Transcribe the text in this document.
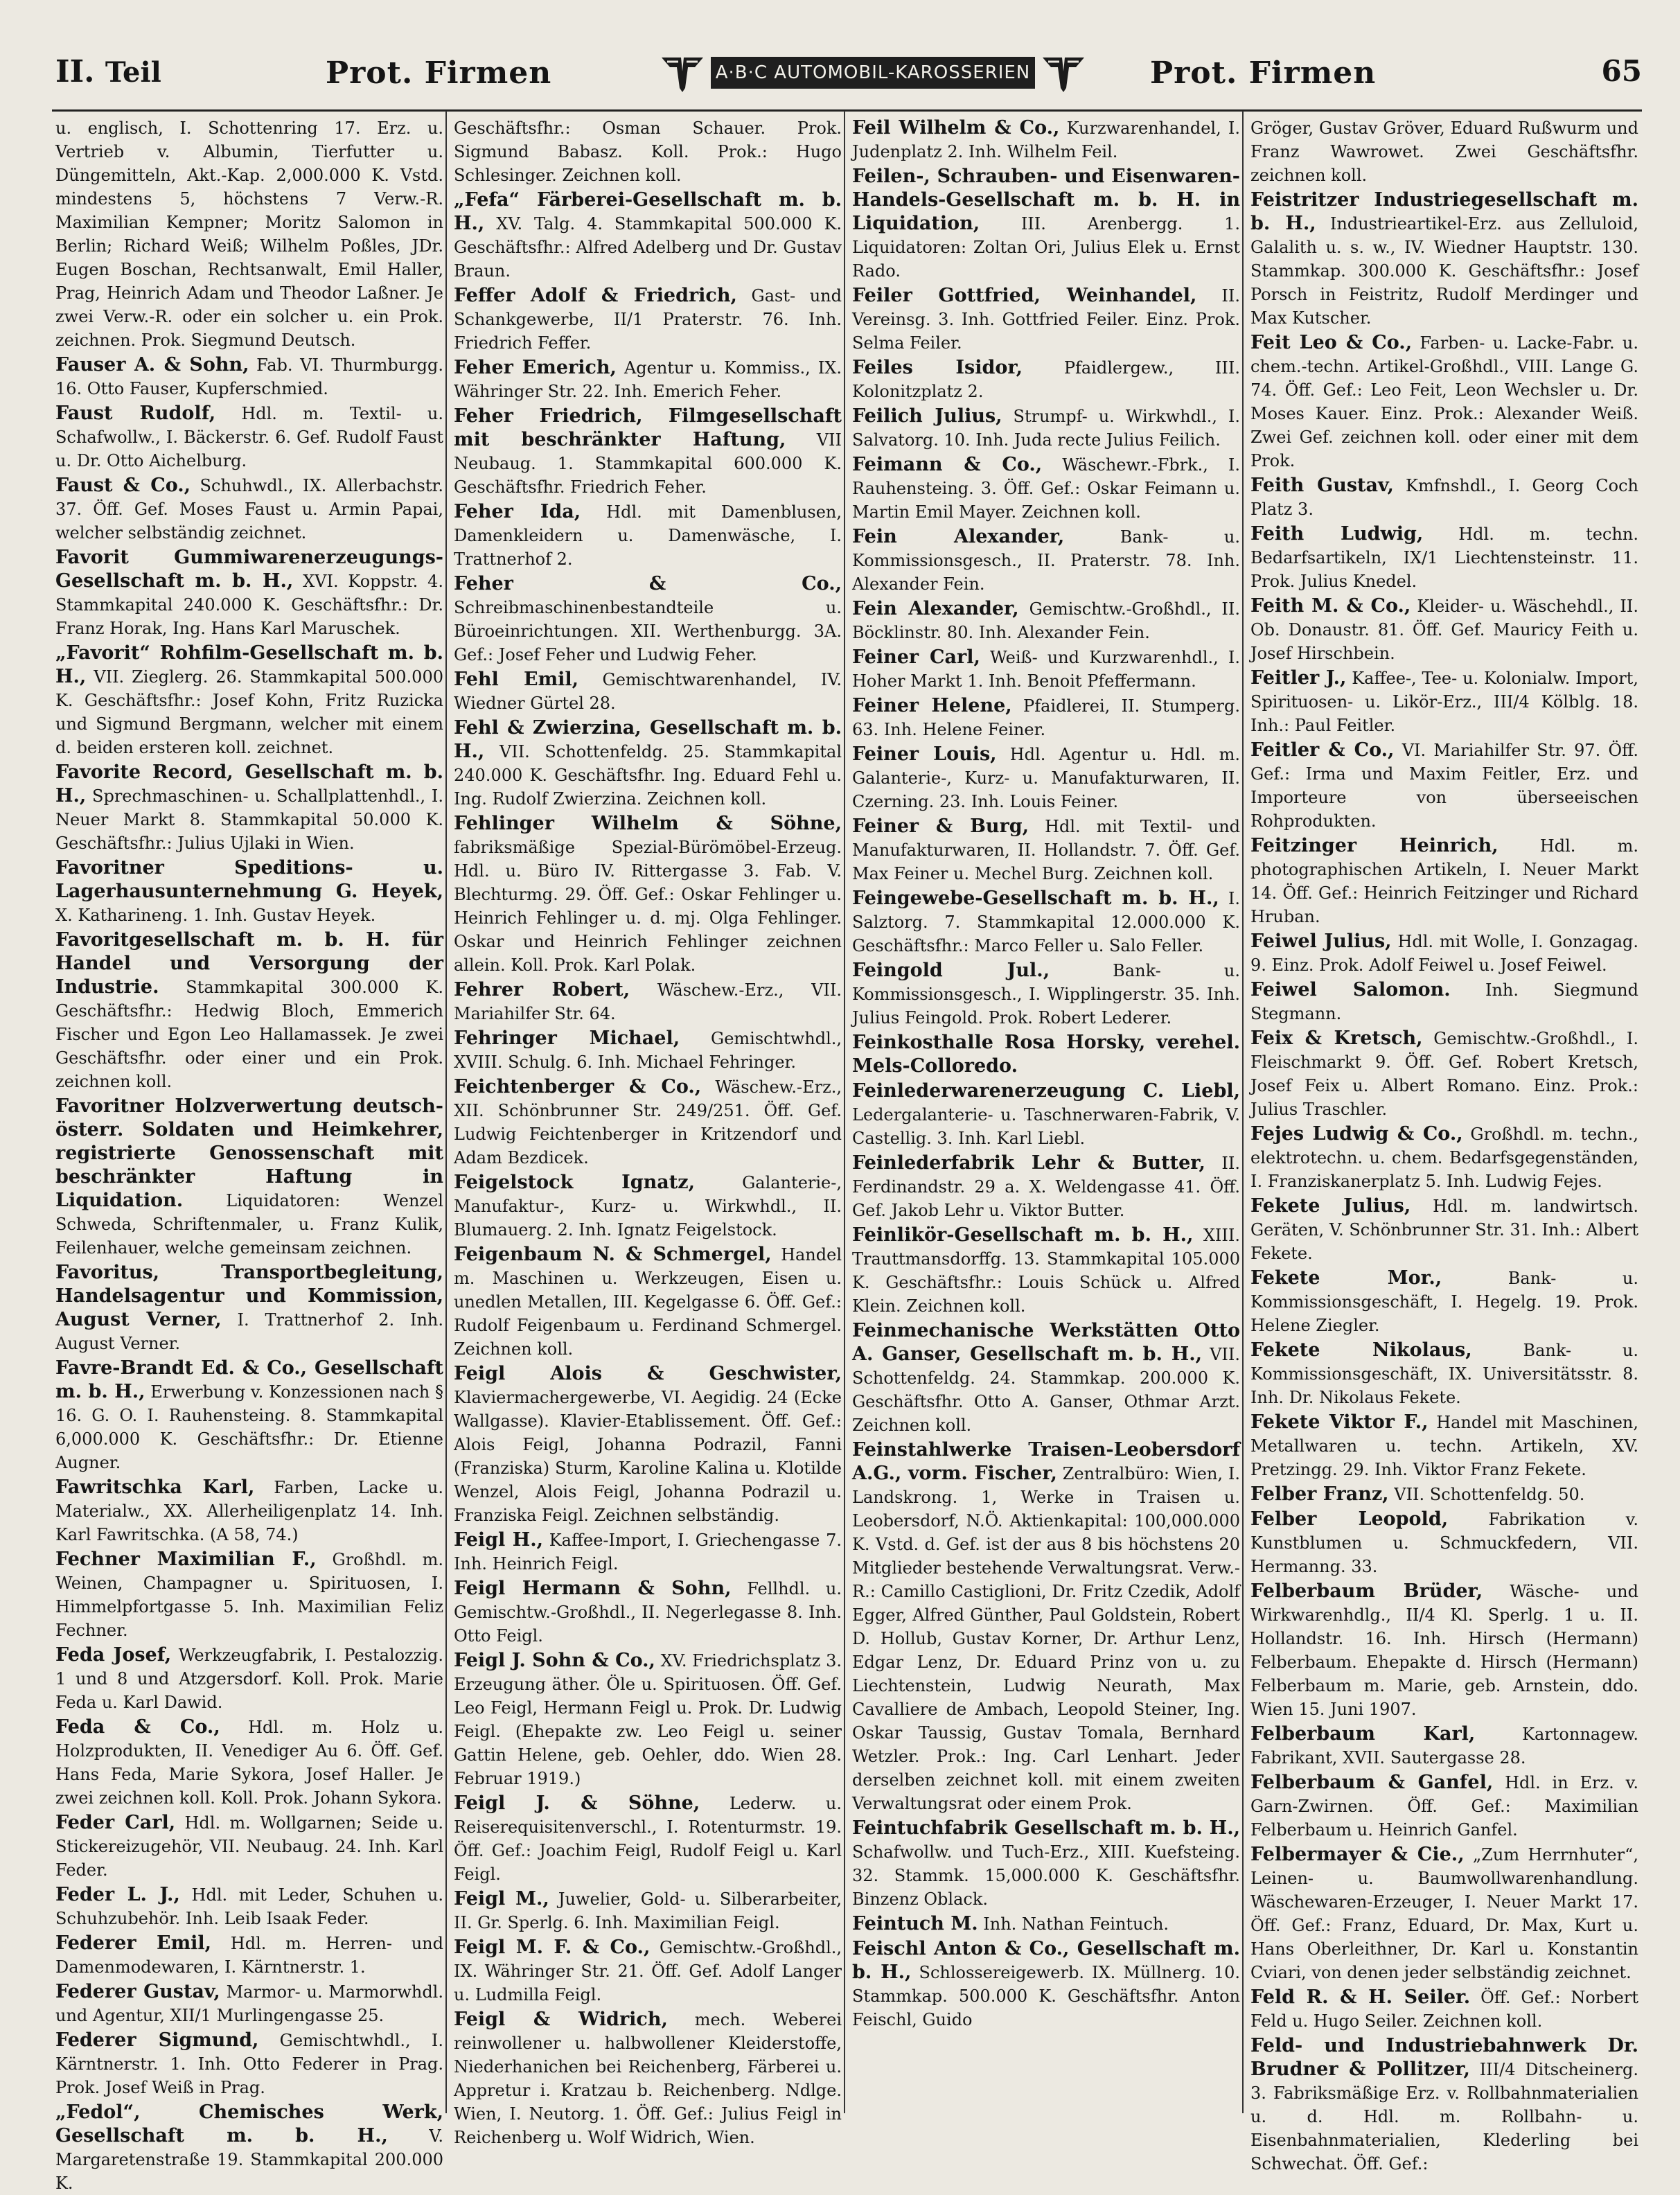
II. Teil	Prot. Firmen	A·B·C AUTOMOBIL-KAROSSERIEN	Prot. Firmen	65

u. englisch, I. Schottenring 17. Erz. u. Vertrieb v. Albumin, Tierfutter u. Düngemitteln, Akt.-Kap. 2,000.000 K. Vstd. mindestens 5, höchstens 7 Verw.-R. Maximilian Kempner; Moritz Salomon in Berlin; Richard Weiß; Wilhelm Poßles, JDr. Eugen Boschan, Rechtsanwalt, Emil Haller, Prag, Heinrich Adam und Theodor Laßner. Je zwei Verw.-R. oder ein solcher u. ein Prok. zeichnen. Prok. Siegmund Deutsch.

Fauser A. & Sohn, Fab. VI. Thurmburgg. 16. Otto Fauser, Kupferschmied.

Faust Rudolf, Hdl. m. Textil- u. Schafwollw., I. Bäckerstr. 6. Gef. Rudolf Faust u. Dr. Otto Aichelburg.

Faust & Co., Schuhwdl., IX. Allerbachstr. 37. Öff. Gef. Moses Faust u. Armin Papai, welcher selbständig zeichnet.

Favorit Gummiwarenerzeugungs-Gesellschaft m. b. H., XVI. Koppstr. 4. Stammkapital 240.000 K. Geschäftsfhr.: Dr. Franz Horak, Ing. Hans Karl Maruschek.

„Favorit“ Rohfilm-Gesellschaft m. b. H., VII. Zieglerg. 26. Stammkapital 500.000 K. Geschäftsfhr.: Josef Kohn, Fritz Ruzicka und Sigmund Bergmann, welcher mit einem d. beiden ersteren koll. zeichnet.

Favorite Record, Gesellschaft m. b. H., Sprechmaschinen- u. Schallplattenhdl., I. Neuer Markt 8. Stammkapital 50.000 K. Geschäftsfhr.: Julius Ujlaki in Wien.

Favoritner Speditions- u. Lagerhausunternehmung G. Heyek, X. Katharineng. 1. Inh. Gustav Heyek.

Favoritgesellschaft m. b. H. für Handel und Versorgung der Industrie. Stammkapital 300.000 K. Geschäftsfhr.: Hedwig Bloch, Emmerich Fischer und Egon Leo Hallamassek. Je zwei Geschäftsfhr. oder einer und ein Prok. zeichnen koll.

Favoritner Holzverwertung deutsch-österr. Soldaten und Heimkehrer, registrierte Genossenschaft mit beschränkter Haftung in Liquidation.	Liquidatoren: Wenzel Schweda, Schriftenmaler, u. Franz Kulik, Feilenhauer, welche gemeinsam zeichnen.

Favoritus, Transportbegleitung, Handelsagentur und Kommission, August Verner, I. Trattnerhof 2. Inh. August Verner.

Favre-Brandt Ed. & Co., Gesellschaft m. b. H., Erwerbung v. Konzessionen nach § 16. G. O. I. Rauhensteing. 8. Stammkapital 6,000.000 K. Geschäftsfhr.: Dr. Etienne Augner.

Fawritschka Karl, Farben, Lacke u. Materialw., XX. Allerheiligenplatz 14. Inh. Karl Fawritschka. (A 58, 74.)

Fechner Maximilian F., Großhdl. m. Weinen, Champagner u. Spirituosen, I. Himmelpfortgasse 5. Inh. Maximilian Feliz Fechner.

Feda Josef, Werkzeugfabrik, I. Pestalozzig. 1 und 8 und Atzgersdorf. Koll. Prok. Marie Feda u. Karl Dawid.

Feda & Co., Hdl. m. Holz u. Holzprodukten, II. Venediger Au 6. Öff. Gef. Hans Feda, Marie Sykora, Josef Haller. Je zwei zeichnen koll. Koll. Prok. Johann Sykora.

Feder Carl, Hdl. m. Wollgarnen; Seide u. Stickereizugehör, VII. Neubaug. 24. Inh. Karl Feder.

Feder L. J., Hdl. mit Leder, Schuhen u. Schuhzubehör. Inh. Leib Isaak Feder.

Federer Emil, Hdl. m. Herren- und Damenmodewaren, I. Kärntnerstr. 1.

Federer Gustav, Marmor- u. Marmorwhdl. und Agentur, XII/1 Murlingengasse 25.

Federer Sigmund, Gemischtwhdl., I. Kärntnerstr. 1. Inh. Otto Federer in Prag. Prok. Josef Weiß in Prag.

„Fedol“, Chemisches Werk, Gesellschaft m. b. H., V. Margaretenstraße 19. Stammkapital 200.000 K.

Geschäftsfhr.: Osman Schauer. Prok. Sigmund Babasz. Koll. Prok.: Hugo Schlesinger. Zeichnen koll.

„Fefa“ Färberei-Gesellschaft m. b. H., XV. Talg. 4. Stammkapital 500.000 K. Geschäftsfhr.: Alfred Adelberg und Dr. Gustav Braun.

Feffer Adolf & Friedrich, Gast- und Schankgewerbe, II/1 Praterstr. 76. Inh. Friedrich Feffer.

Feher Emerich, Agentur u. Kommiss., IX. Währinger Str. 22. Inh. Emerich Feher.

Feher Friedrich, Filmgesellschaft mit beschränkter Haftung, VII Neubaug. 1. Stammkapital 600.000 K. Geschäftsfhr. Friedrich Feher.

Feher Ida, Hdl. mit Damenblusen, Damenkleidern u. Damenwäsche, I. Trattnerhof 2.

Feher & Co., Schreibmaschinenbestandteile u. Büroeinrichtungen. XII. Werthenburgg. 3A. Gef.: Josef Feher und Ludwig Feher.

Fehl Emil, Gemischtwarenhandel, IV. Wiedner Gürtel 28.

Fehl & Zwierzina, Gesellschaft m. b. H., VII. Schottenfeldg. 25. Stammkapital 240.000 K. Geschäftsfhr. Ing. Eduard Fehl u. Ing. Rudolf Zwierzina. Zeichnen koll.

Fehlinger Wilhelm & Söhne, fabriksmäßige Spezial-Bürömöbel-Erzeug. Hdl. u. Büro IV. Rittergasse 3. Fab. V. Blechturmg. 29. Öff. Gef.: Oskar Fehlinger u. Heinrich Fehlinger u. d. mj. Olga Fehlinger. Oskar und Heinrich Fehlinger zeichnen allein. Koll. Prok. Karl Polak.

Fehrer Robert, Wäschew.-Erz., VII. Mariahilfer Str. 64.

Fehringer Michael, Gemischtwhdl., XVIII. Schulg. 6. Inh. Michael Fehringer.

Feichtenberger & Co., Wäschew.-Erz., XII. Schönbrunner Str. 249/251. Öff. Gef. Ludwig Feichtenberger in Kritzendorf und Adam Bezdicek.

Feigelstock Ignatz,	Galanterie-, Manufaktur-, Kurz- u. Wirkwhdl., II. Blumauerg. 2. Inh. Ignatz Feigelstock.

Feigenbaum N. & Schmergel, Handel m. Maschinen u. Werkzeugen, Eisen u. unedlen Metallen, III. Kegelgasse 6. Öff. Gef.: Rudolf Feigenbaum u. Ferdinand Schmergel. Zeichnen koll.

Feigl Alois & Geschwister, Klaviermachergewerbe, VI. Aegidig. 24 (Ecke Wallgasse). Klavier-Etablissement. Öff. Gef.: Alois Feigl, Johanna Podrazil, Fanni (Franziska) Sturm, Karoline Kalina u. Klotilde Wenzel, Alois Feigl, Johanna Podrazil u. Franziska Feigl. Zeichnen selbständig.

Feigl H., Kaffee-Import, I. Griechengasse 7. Inh. Heinrich Feigl.

Feigl Hermann & Sohn, Fellhdl. u. Gemischtw.-Großhdl., II. Negerlegasse 8. Inh. Otto Feigl.

Feigl J. Sohn & Co., XV. Friedrichsplatz 3. Erzeugung äther. Öle u. Spirituosen. Öff. Gef. Leo Feigl, Hermann Feigl u. Prok. Dr. Ludwig Feigl. (Ehepakte zw. Leo Feigl u. seiner Gattin Helene, geb. Oehler, ddo. Wien 28. Februar 1919.)

Feigl J. & Söhne, Lederw. u. Reiserequisitenverschl., I. Rotenturmstr. 19. Öff. Gef.: Joachim Feigl, Rudolf Feigl u. Karl Feigl.

Feigl M., Juwelier, Gold- u. Silberarbeiter, II. Gr. Sperlg. 6. Inh. Maximilian Feigl.

Feigl M. F. & Co., Gemischtw.-Großhdl., IX. Währinger Str. 21. Öff. Gef. Adolf Langer u. Ludmilla Feigl.

Feigl & Widrich, mech. Weberei reinwollener u. halbwollener Kleiderstoffe, Niederhanichen bei Reichenberg, Färberei u. Appretur i. Kratzau b. Reichenberg. Ndlge. Wien, I. Neutorg. 1. Öff. Gef.: Julius Feigl in Reichenberg u. Wolf Widrich, Wien.

Feil Wilhelm & Co., Kurzwarenhandel, I. Judenplatz 2. Inh. Wilhelm Feil.

Feilen-, Schrauben- und Eisenwaren-Handels-Gesellschaft m. b. H. in Liquidation, III. Arenbergg. 1. Liquidatoren: Zoltan Ori, Julius Elek u. Ernst Rado.

Feiler Gottfried, Weinhandel, II. Vereinsg. 3. Inh. Gottfried Feiler. Einz. Prok. Selma Feiler.

Feiles Isidor, Pfaidlergew., III. Kolonitzplatz 2.

Feilich Julius, Strumpf- u. Wirkwhdl., I. Salvatorg. 10. Inh. Juda recte Julius Feilich.

Feimann & Co., Wäschewr.-Fbrk., I. Rauhensteing. 3. Öff. Gef.: Oskar Feimann u. Martin Emil Mayer. Zeichnen koll.

Fein Alexander,	Bank- u. Kommissionsgesch., II. Praterstr. 78. Inh. Alexander Fein.

Fein Alexander, Gemischtw.-Großhdl., II. Böcklinstr. 80. Inh. Alexander Fein.

Feiner Carl, Weiß- und Kurzwarenhdl., I. Hoher Markt 1. Inh. Benoit Pfeffermann.

Feiner Helene, Pfaidlerei, II. Stumperg. 63. Inh. Helene Feiner.

Feiner Louis, Hdl. Agentur u. Hdl. m. Galanterie-, Kurz- u. Manufakturwaren, II. Czerning. 23. Inh. Louis Feiner.

Feiner & Burg, Hdl. mit Textil- und Manufakturwaren, II. Hollandstr. 7. Öff. Gef. Max Feiner u. Mechel Burg. Zeichnen koll.

Feingewebe-Gesellschaft m. b. H., I. Salztorg. 7. Stammkapital 12.000.000 K. Geschäftsfhr.: Marco Feller u. Salo Feller.

Feingold Jul.,	Bank- u. Kommissionsgesch., I. Wipplingerstr. 35. Inh. Julius Feingold. Prok. Robert Lederer.

Feinkosthalle Rosa Horsky, verehel. Mels-Colloredo.

Feinlederwarenerzeugung C. Liebl, Ledergalanterie- u. Taschnerwaren-Fabrik, V. Castellig. 3. Inh. Karl Liebl.

Feinlederfabrik Lehr & Butter, II. Ferdinandstr. 29 a. X. Weldengasse 41. Öff. Gef. Jakob Lehr u. Viktor Butter.

Feinlikör-Gesellschaft m. b. H., XIII. Trauttmansdorffg. 13. Stammkapital 105.000 K. Geschäftsfhr.: Louis Schück u. Alfred Klein. Zeichnen koll.

Feinmechanische Werkstätten Otto A. Ganser, Gesellschaft m. b. H., VII. Schottenfeldg. 24. Stammkap. 200.000 K. Geschäftsfhr. Otto A. Ganser, Othmar Arzt. Zeichnen koll.

Feinstahlwerke Traisen-Leobersdorf A.G., vorm. Fischer, Zentralbüro: Wien, I. Landskrong. 1, Werke in Traisen u. Leobersdorf, N.Ö. Aktienkapital: 100,000.000 K. Vstd. d. Gef. ist der aus 8 bis höchstens 20 Mitglieder bestehende Verwaltungsrat. Verw.-R.: Camillo Castiglioni, Dr. Fritz Czedik, Adolf Egger, Alfred Günther, Paul Goldstein, Robert D. Hollub, Gustav Korner, Dr. Arthur Lenz, Edgar Lenz, Dr. Eduard Prinz von u. zu Liechtenstein, Ludwig Neurath, Max Cavalliere de Ambach, Leopold Steiner, Ing. Oskar Taussig, Gustav Tomala, Bernhard Wetzler. Prok.: Ing. Carl Lenhart. Jeder derselben zeichnet koll. mit einem zweiten Verwaltungsrat oder einem Prok.

Feintuchfabrik Gesellschaft m. b. H., Schafwollw. und Tuch-Erz., XIII. Kuefsteing. 32. Stammk. 15,000.000 K. Geschäftsfhr. Binzenz Oblack.

Feintuch M. Inh. Nathan Feintuch.

Feischl Anton & Co., Gesellschaft m. b. H., Schlossereigewerb. IX. Müllnerg. 10. Stammkap. 500.000 K. Geschäftsfhr. Anton Feischl, Guido

Gröger, Gustav Gröver, Eduard Rußwurm und Franz Wawrowet. Zwei Geschäftsfhr. zeichnen koll.

Feistritzer Industriegesellschaft m. b. H., Industrieartikel-Erz. aus Zelluloid, Galalith u. s. w., IV. Wiedner Hauptstr. 130. Stammkap. 300.000 K. Geschäftsfhr.: Josef Porsch in Feistritz, Rudolf Merdinger und Max Kutscher.

Feit Leo & Co., Farben- u. Lacke-Fabr. u. chem.-techn. Artikel-Großhdl., VIII. Lange G. 74. Öff. Gef.: Leo Feit, Leon Wechsler u. Dr. Moses Kauer. Einz. Prok.: Alexander Weiß. Zwei Gef. zeichnen koll. oder einer mit dem Prok.

Feith Gustav, Kmfnshdl., I. Georg Coch Platz 3.

Feith Ludwig, Hdl. m. techn. Bedarfsartikeln, IX/1 Liechtensteinstr. 11. Prok. Julius Knedel.

Feith M. & Co., Kleider- u. Wäschehdl., II. Ob. Donaustr. 81. Öff. Gef. Mauricy Feith u. Josef Hirschbein.

Feitler J., Kaffee-, Tee- u. Kolonialw. Import, Spirituosen- u. Likör-Erz., III/4 Kölblg. 18. Inh.: Paul Feitler.

Feitler & Co., VI. Mariahilfer Str. 97. Öff. Gef.: Irma und Maxim Feitler, Erz. und Importeure von überseeischen Rohprodukten.

Feitzinger Heinrich,	Hdl. m. photographischen Artikeln, I. Neuer Markt 14. Öff. Gef.: Heinrich Feitzinger und Richard Hruban.

Feiwel Julius, Hdl. mit Wolle, I. Gonzagag. 9. Einz. Prok. Adolf Feiwel u. Josef Feiwel.

Feiwel Salomon. Inh. Siegmund Stegmann.

Feix & Kretsch, Gemischtw.-Großhdl., I. Fleischmarkt 9. Öff. Gef. Robert Kretsch, Josef Feix u. Albert Romano. Einz. Prok.: Julius Traschler.

Fejes Ludwig & Co., Großhdl. m. techn., elektrotechn. u. chem. Bedarfsgegenständen, I. Franziskanerplatz 5. Inh. Ludwig Fejes.

Fekete Julius, Hdl. m. landwirtsch. Geräten, V. Schönbrunner Str. 31. Inh.: Albert Fekete.

Fekete Mor.,	Bank- u. Kommissionsgeschäft, I. Hegelg. 19. Prok. Helene Ziegler.

Fekete Nikolaus,	Bank- u. Kommissionsgeschäft, IX. Universitätsstr. 8. Inh. Dr. Nikolaus Fekete.

Fekete Viktor F., Handel mit Maschinen, Metallwaren u. techn. Artikeln, XV. Pretzingg. 29. Inh. Viktor Franz Fekete.

Felber Franz, VII. Schottenfeldg. 50.

Felber Leopold, Fabrikation v. Kunstblumen u. Schmuckfedern, VII. Hermanng. 33.

Felberbaum Brüder, Wäsche- und Wirkwarenhdlg., II/4 Kl. Sperlg. 1 u. II. Hollandstr. 16. Inh. Hirsch (Hermann) Felberbaum. Ehepakte d. Hirsch (Hermann) Felberbaum m. Marie, geb. Arnstein, ddo. Wien 15. Juni 1907.

Felberbaum Karl,	Kartonnagew. Fabrikant, XVII. Sautergasse 28.

Felberbaum & Ganfel, Hdl. in Erz. v. Garn-Zwirnen. Öff. Gef.: Maximilian Felberbaum u. Heinrich Ganfel.

Felbermayer & Cie., „Zum Herrnhuter“, Leinen- u. Baumwollwarenhandlung. Wäschewaren-Erzeuger, I. Neuer Markt 17. Öff. Gef.: Franz, Eduard, Dr. Max, Kurt u. Hans Oberleithner, Dr. Karl u. Konstantin Cviari, von denen jeder selbständig zeichnet.

Feld R. & H. Seiler. Öff. Gef.: Norbert Feld u. Hugo Seiler. Zeichnen koll.

Feld- und Industriebahnwerk Dr. Brudner & Pollitzer, III/4 Ditscheinerg. 3. Fabriksmäßige Erz. v. Rollbahnmaterialien u. d. Hdl. m. Rollbahn- u. Eisenbahnmaterialien, Klederling bei Schwechat. Öff. Gef.:
